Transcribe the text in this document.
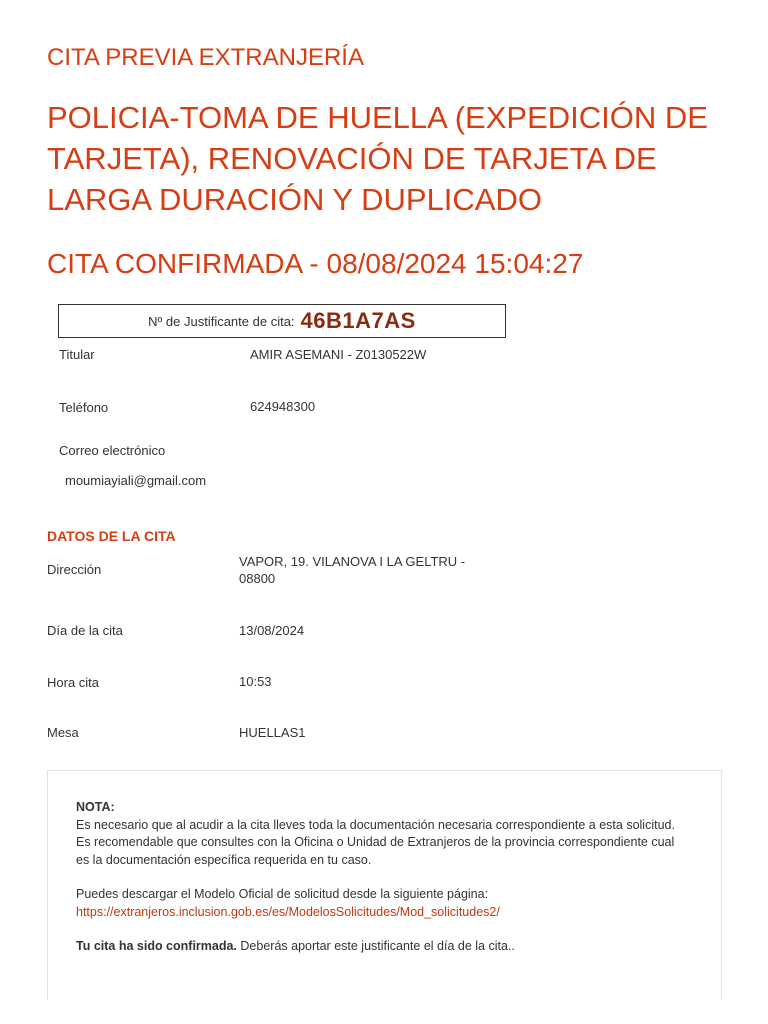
CITA PREVIA EXTRANJERÍA
POLICIA-TOMA DE HUELLA (EXPEDICIÓN DE TARJETA), RENOVACIÓN DE TARJETA DE LARGA DURACIÓN Y DUPLICADO
CITA CONFIRMADA - 08/08/2024 15:04:27
Nº de Justificante de cita: 46B1A7AS
Titular	AMIR ASEMANI - Z0130522W
Teléfono	624948300
Correo electrónico
moumiayiali@gmail.com
DATOS DE LA CITA
Dirección
VAPOR, 19. VILANOVA I LA GELTRU -
08800
Día de la cita	13/08/2024
Hora cita	10:53
Mesa	HUELLAS1

NOTA:

Es necesario que al acudir a la cita lleves toda la documentación necesaria correspondiente a esta solicitud. Es recomendable que consultes con la Oficina o Unidad de Extranjeros de la provincia correspondiente cual es la documentación específica requerida en tu caso.

Puedes descargar el Modelo Oficial de solicitud desde la siguiente página:

https://extranjeros.inclusion.gob.es/es/ModelosSolicitudes/Mod_solicitudes2/

Tu cita ha sido confirmada. Deberás aportar este justificante el día de la cita..
